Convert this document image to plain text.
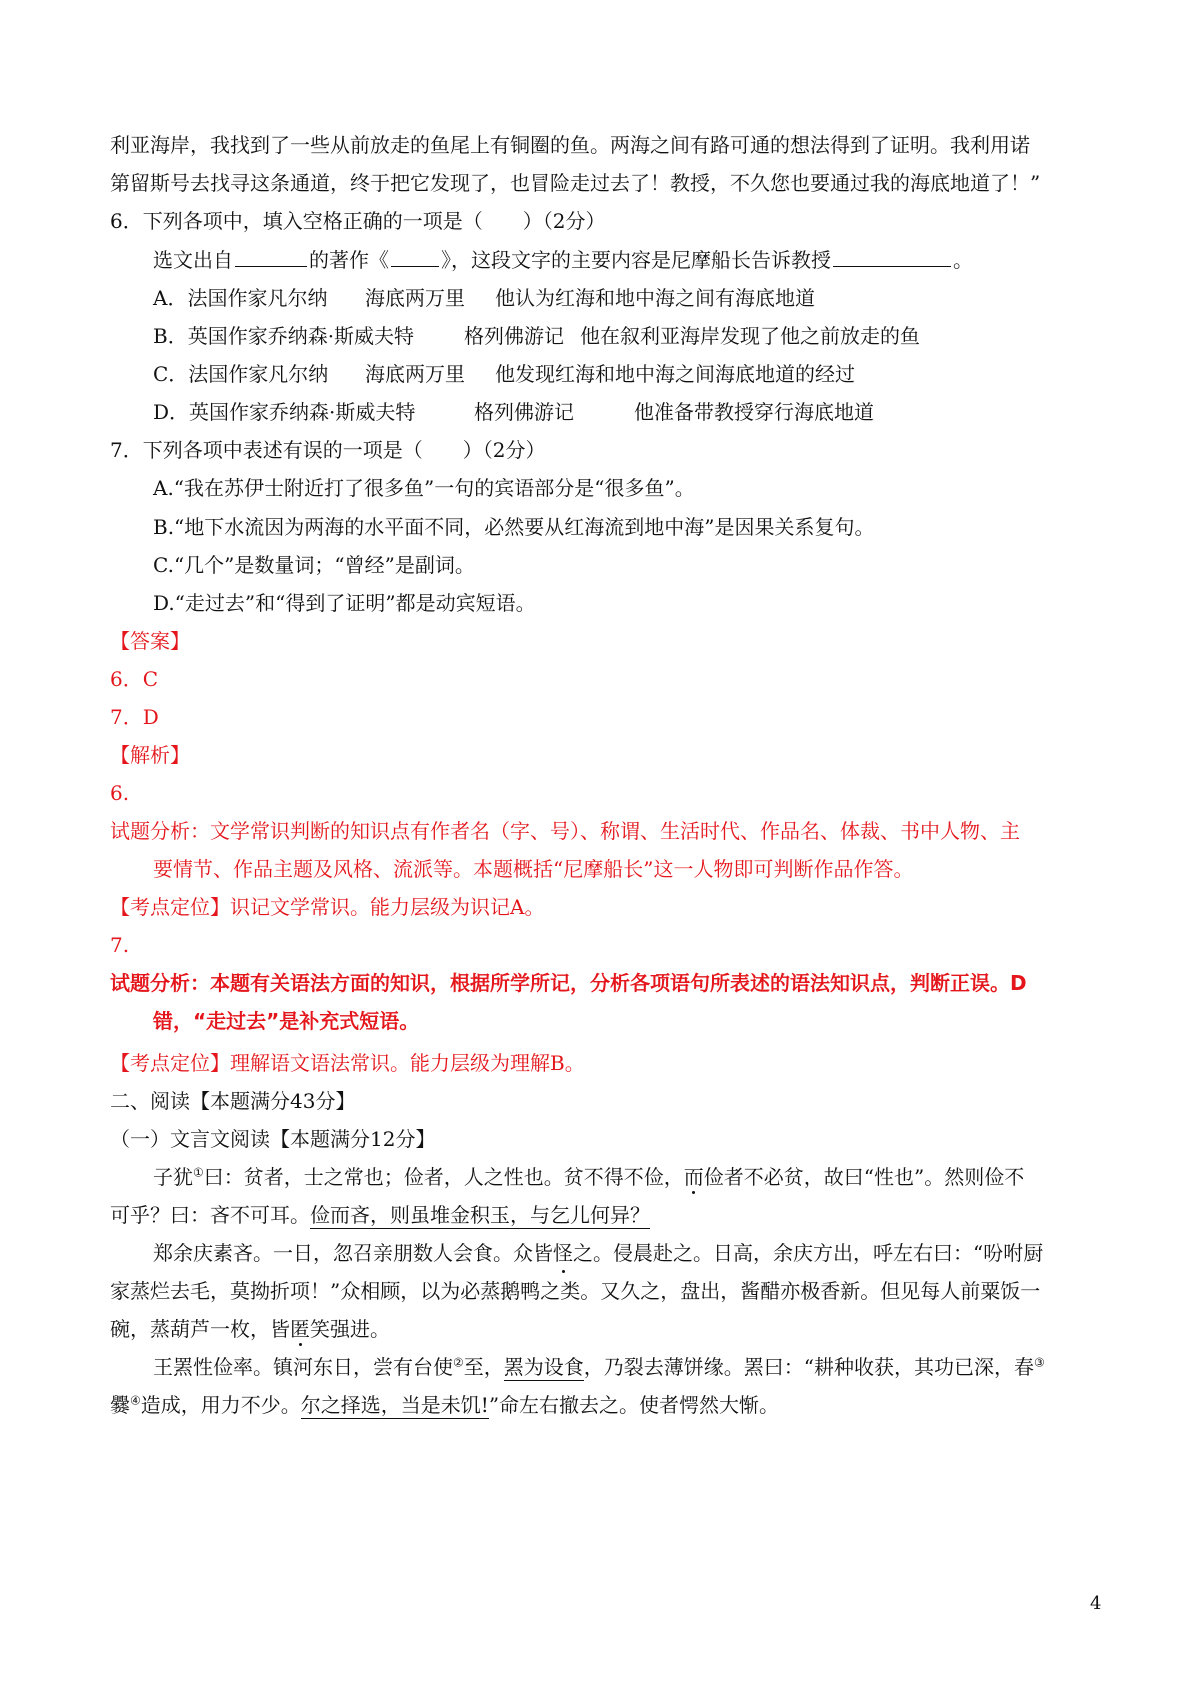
利亚海岸，我找到了一些从前放走的鱼尾上有铜圈的鱼。两海之间有路可通的想法得到了证明。我利用诺
第留斯号去找寻这条通道，终于把它发现了，也冒险走过去了！教授，不久您也要通过我的海底地道了！”
6．下列各项中，填入空格正确的一项是（　　）（2分）
选文出自	的著作《	》，这段文字的主要内容是尼摩船长告诉教授	。
A．法国作家凡尔纳 海底两万里 他认为红海和地中海之间有海底地道
B．英国作家乔纳森·斯威夫特 格列佛游记 他在叙利亚海岸发现了他之前放走的鱼
C．法国作家凡尔纳 海底两万里 他发现红海和地中海之间海底地道的经过
D．英国作家乔纳森·斯威夫特	格列佛游记	他准备带教授穿行海底地道
7．下列各项中表述有误的一项是（　　）（2分）
A.“我在苏伊士附近打了很多鱼”一句的宾语部分是“很多鱼”。
B.“地下水流因为两海的水平面不同，必然要从红海流到地中海”是因果关系复句。
C.“几个”是数量词；“曾经”是副词。
D.“走过去”和“得到了证明”都是动宾短语。
【答案】
6．C
7．D
【解析】
6.
试题分析：文学常识判断的知识点有作者名（字、号）、称谓、生活时代、作品名、体裁、书中人物、主
要情节、作品主题及风格、流派等。本题概括“尼摩船长”这一人物即可判断作品作答。
【考点定位】识记文学常识。能力层级为识记A。
7.
试题分析：本题有关语法方面的知识，根据所学所记，分析各项语句所表述的语法知识点，判断正误。D
错，“走过去”是补充式短语。
【考点定位】理解语文语法常识。能力层级为理解B。
二、阅读【本题满分43分】
（一）文言文阅读【本题满分12分】
子犹①曰：贫者，士之常也；俭者，人之性也。贫不得不俭，而俭者不必贫，故曰“性也”。然则俭不
可乎？曰：吝不可耳。俭而吝，则虽堆金积玉，与乞儿何异？
郑余庆素吝。一日，忽召亲朋数人会食。众皆 怪 之。侵晨赴之。日高，余庆方出，呼左右曰：“吩咐厨
家蒸烂去毛，莫拗折项！”众相顾，以为必蒸鹅鸭之类。又久之，盘出，酱醋亦极香新。但见每人前粟饭一
碗，蒸葫芦一枚，皆匿笑强进。
王罴性俭率。镇河东日，尝有台使②至，罴为设食，乃裂去薄饼缘。罴曰：“耕种收获，其功已深，春③
爨④造成，用力不少。尔之择选，当是未饥!”命左右撤去之。使者愕然大惭。
4
